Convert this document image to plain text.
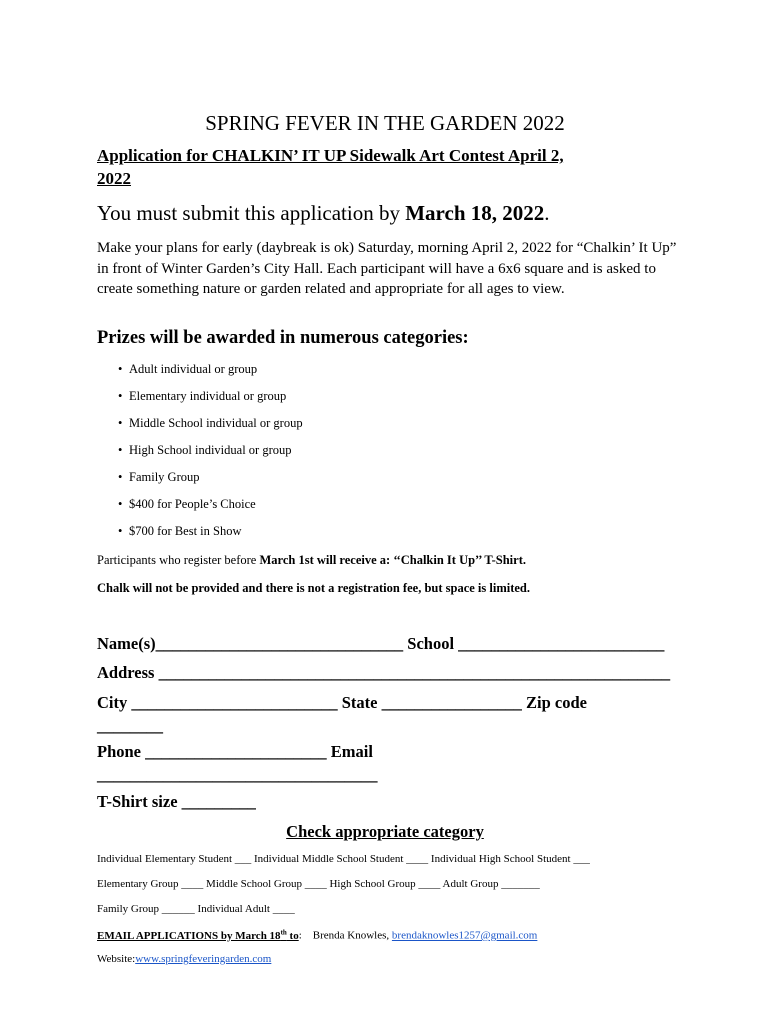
SPRING FEVER IN THE GARDEN 2022
Application for CHALKIN’ IT UP Sidewalk Art Contest April 2,
2022
You must submit this application by March 18, 2022.
Make your plans for early (daybreak is ok) Saturday, morning April 2, 2022 for “Chalkin’ It Up” in front of Winter Garden’s City Hall. Each participant will have a 6x6 square and is asked to create something nature or garden related and appropriate for all ages to view.
Prizes will be awarded in numerous categories:
• Adult individual or group
• Elementary individual or group
• Middle School individual or group
• High School individual or group
• Family Group
• $400 for People’s Choice
• $700 for Best in Show
Participants who register before March 1st will receive a: ‘‘Chalkin It Up’’ T-Shirt.
Chalk will not be provided and there is not a registration fee, but space is limited.
Name(s)______________________________ School _________________________
Address ______________________________________________________________
City _________________________ State _________________ Zip code
________
Phone ______________________ Email
__________________________________
T-Shirt size _________
Check appropriate category
Individual Elementary Student ___ Individual Middle School Student ____ Individual High School Student ___
Elementary Group ____ Middle School Group ____ High School Group ____ Adult Group _______
Family Group ______ Individual Adult ____
EMAIL APPLICATIONS by March 18th to:    Brenda Knowles, brendaknowles1257@gmail.com
Website:www.springfeveringarden.com
